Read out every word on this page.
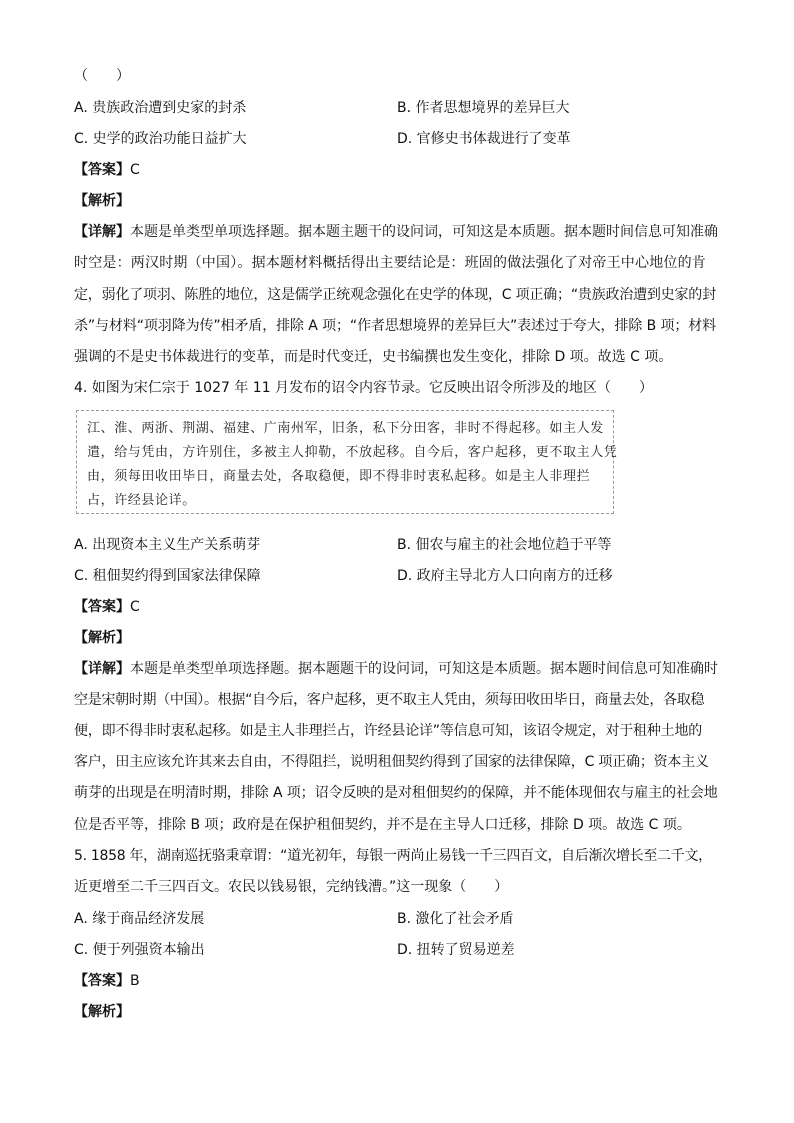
（　　）
A. 贵族政治遭到史家的封杀	B. 作者思想境界的差异巨大
C. 史学的政治功能日益扩大	D. 官修史书体裁进行了变革
【答案】C
【解析】
【详解】本题是单类型单项选择题。据本题主题干的设问词，可知这是本质题。据本题时间信息可知准确
时空是：两汉时期（中国）。据本题材料概括得出主要结论是：班固的做法强化了对帝王中心地位的肯
定，弱化了项羽、陈胜的地位，这是儒学正统观念强化在史学的体现，C 项正确；“贵族政治遭到史家的封
杀”与材料“项羽降为传”相矛盾，排除 A 项；“作者思想境界的差异巨大”表述过于夸大，排除 B 项；材料
强调的不是史书体裁进行的变革，而是时代变迁，史书编撰也发生变化，排除 D 项。故选 C 项。
4. 如图为宋仁宗于 1027 年 11 月发布的诏令内容节录。它反映出诏令所涉及的地区（　　）
江、淮、两浙、荆湖、福建、广南州军，旧条，私下分田客，非时不得起移。如主人发
遣，给与凭由，方许别住，多被主人抑勒，不放起移。自今后，客户起移，更不取主人凭
由，须每田收田毕日，商量去处，各取稳便，即不得非时衷私起移。如是主人非理拦
占，许经县论详。
A. 出现资本主义生产关系萌芽	B. 佃农与雇主的社会地位趋于平等
C. 租佃契约得到国家法律保障	D. 政府主导北方人口向南方的迁移
【答案】C
【解析】
【详解】本题是单类型单项选择题。据本题题干的设问词，可知这是本质题。据本题时间信息可知准确时
空是宋朝时期（中国）。根据“自今后，客户起移，更不取主人凭由，须每田收田毕日，商量去处，各取稳
便，即不得非时衷私起移。如是主人非理拦占，许经县论详”等信息可知，该诏令规定，对于租种土地的
客户，田主应该允许其来去自由，不得阻拦，说明租佃契约得到了国家的法律保障，C 项正确；资本主义
萌芽的出现是在明清时期，排除 A 项；诏令反映的是对租佃契约的保障，并不能体现佃农与雇主的社会地
位是否平等，排除 B 项；政府是在保护租佃契约，并不是在主导人口迁移，排除 D 项。故选 C 项。
5. 1858 年，湖南巡抚骆秉章谓：“道光初年，每银一两尚止易钱一千三四百文，自后渐次增长至二千文，
近更增至二千三四百文。农民以钱易银，完纳钱漕。”这一现象（　　）
A. 缘于商品经济发展	B. 激化了社会矛盾
C. 便于列强资本输出	D. 扭转了贸易逆差
【答案】B
【解析】
